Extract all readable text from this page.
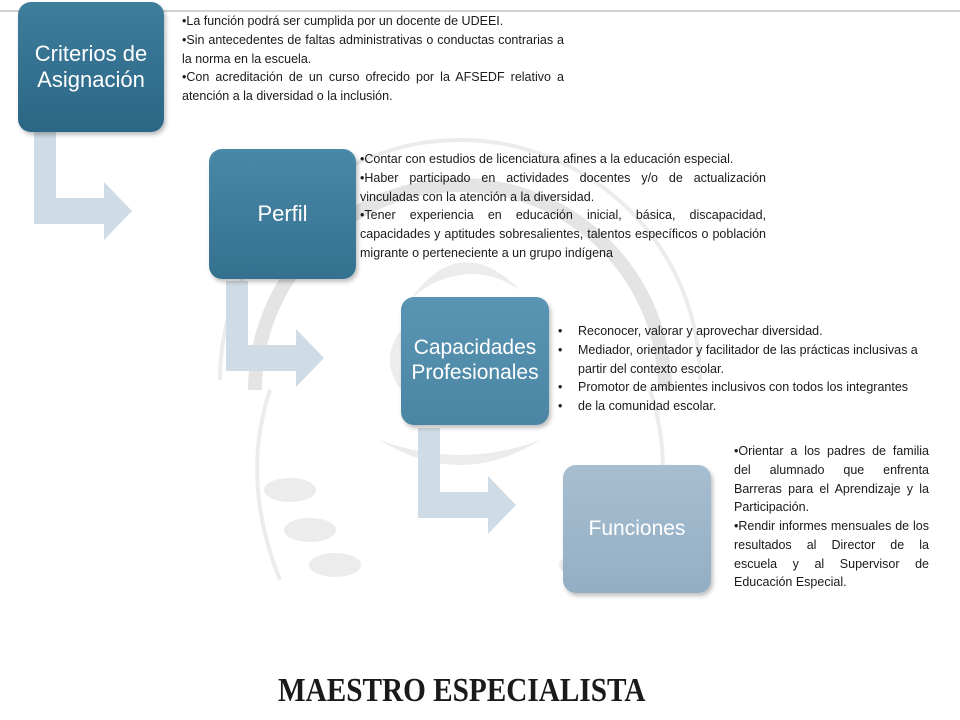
Criterios de
Asignación
Perfil
Capacidades
Profesionales
Funciones

•La función podrá ser cumplida por un docente de UDEEI.

•Sin antecedentes de faltas administrativas o conductas contrarias a la norma en la escuela.

•Con acreditación de un curso ofrecido por la AFSEDF relativo a atención a la diversidad o la inclusión.

•Contar con estudios de licenciatura afines a la educación especial.

•Haber participado en actividades docentes y/o de actualización vinculadas con la atención a la diversidad.

•Tener experiencia en educación inicial, básica, discapacidad, capacidades y aptitudes sobresalientes, talentos específicos o población migrante o perteneciente a un grupo indígena

•	Reconocer, valorar y aprovechar diversidad.
•	Mediador, orientador y facilitador de las prácticas inclusivas a partir del contexto escolar.
•	Promotor de ambientes inclusivos con todos los integrantes
•	de la comunidad escolar.

•Orientar a los padres de familia del alumnado que enfrenta Barreras para el Aprendizaje y la Participación.

•Rendir informes mensuales de los resultados al Director de la escuela y al Supervisor de Educación Especial.

MAESTRO ESPECIALISTA
